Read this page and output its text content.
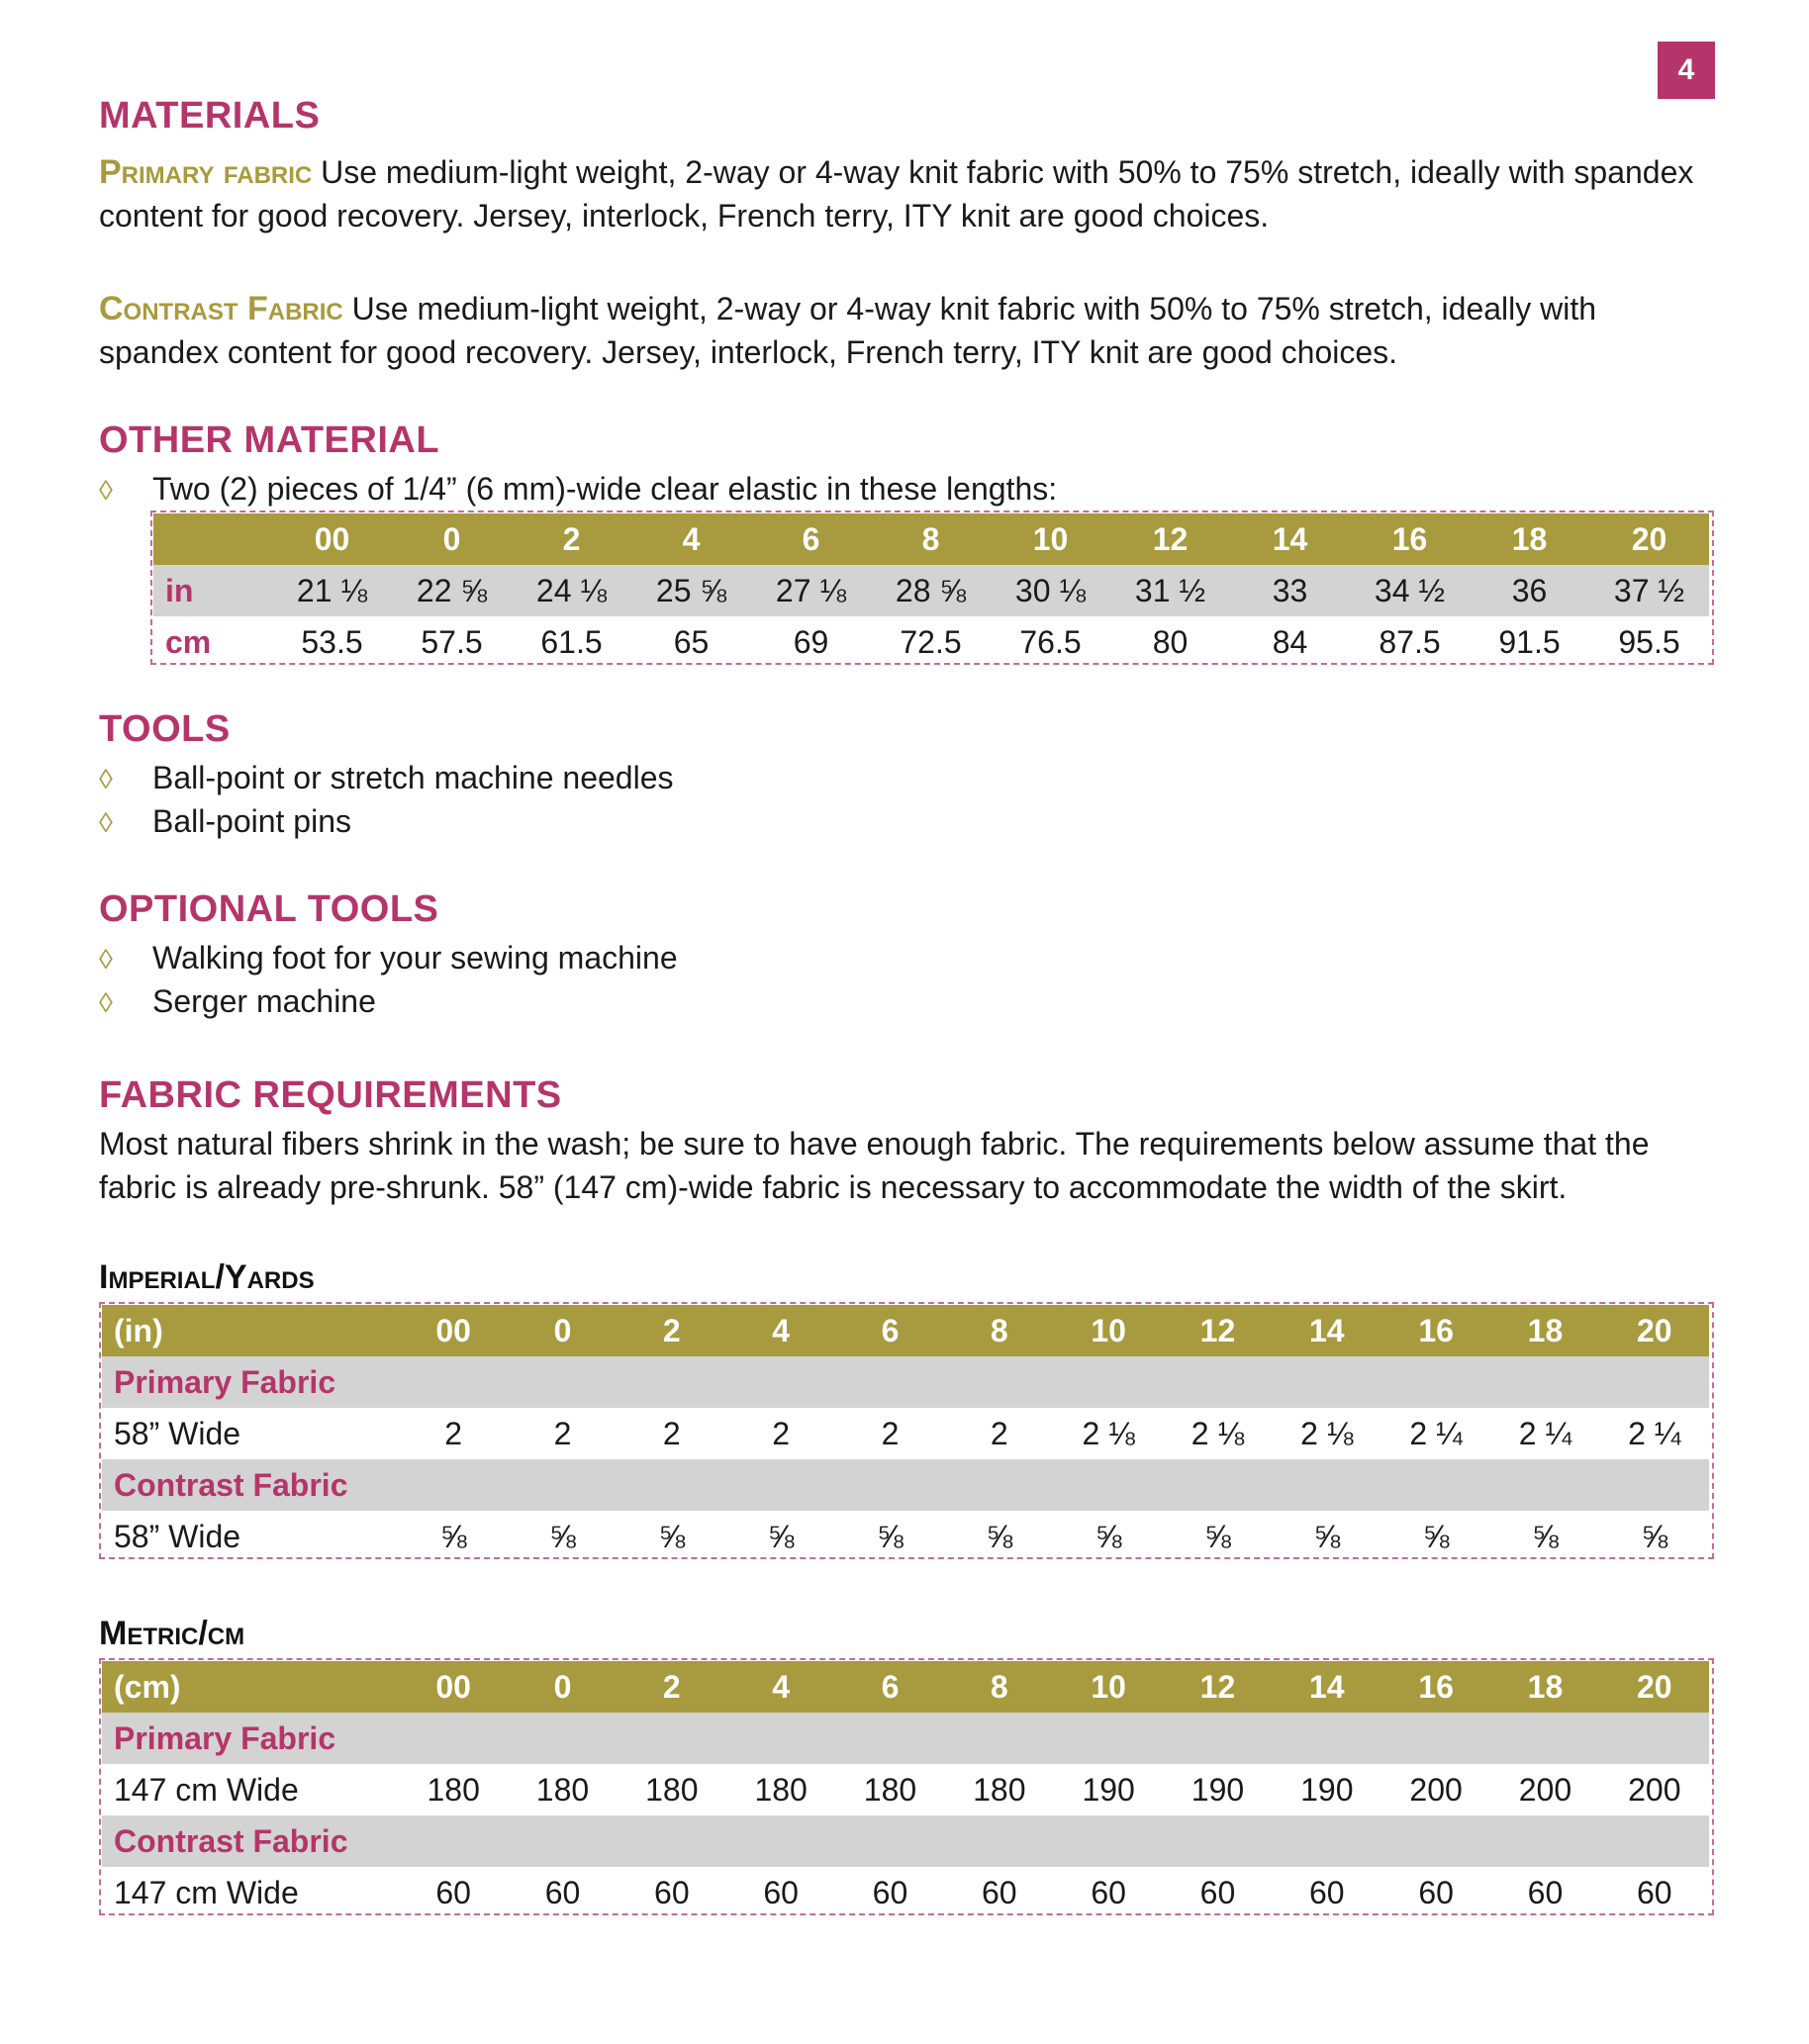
4
MATERIALS

Primary fabric Use medium-light weight, 2-way or 4-way knit fabric with 50% to 75% stretch, ideally with spandex content for good recovery. Jersey, interlock, French terry, ITY knit are good choices.

Contrast Fabric Use medium-light weight, 2-way or 4-way knit fabric with 50% to 75% stretch, ideally with spandex content for good recovery. Jersey, interlock, French terry, ITY knit are good choices.

OTHER MATERIAL
◊ Two (2) pieces of 1/4” (6 mm)-wide clear elastic in these lengths:
	00	0	2	4	6	8	10	12	14	16	18	20
in	21 ⅛	22 ⅝	24 ⅛	25 ⅝	27 ⅛	28 ⅝	30 ⅛	31 ½	33	34 ½	36	37 ½
cm	53.5	57.5	61.5	65	69	72.5	76.5	80	84	87.5	91.5	95.5
TOOLS
◊ Ball-point or stretch machine needles
◊ Ball-point pins
OPTIONAL TOOLS
◊ Walking foot for your sewing machine
◊ Serger machine
FABRIC REQUIREMENTS

Most natural fibers shrink in the wash; be sure to have enough fabric. The requirements below assume that the fabric is already pre-shrunk. 58” (147 cm)-wide fabric is necessary to accommodate the width of the skirt.

Imperial/Yards
(in)	00	0	2	4	6	8	10	12	14	16	18	20
Primary Fabric												
58” Wide	2	2	2	2	2	2	2 ⅛	2 ⅛	2 ⅛	2 ¼	2 ¼	2 ¼
Contrast Fabric												
58” Wide	⅝	⅝	⅝	⅝	⅝	⅝	⅝	⅝	⅝	⅝	⅝	⅝
Metric/cm
(cm)	00	0	2	4	6	8	10	12	14	16	18	20
Primary Fabric												
147 cm Wide	180	180	180	180	180	180	190	190	190	200	200	200
Contrast Fabric												
147 cm Wide	60	60	60	60	60	60	60	60	60	60	60	60
